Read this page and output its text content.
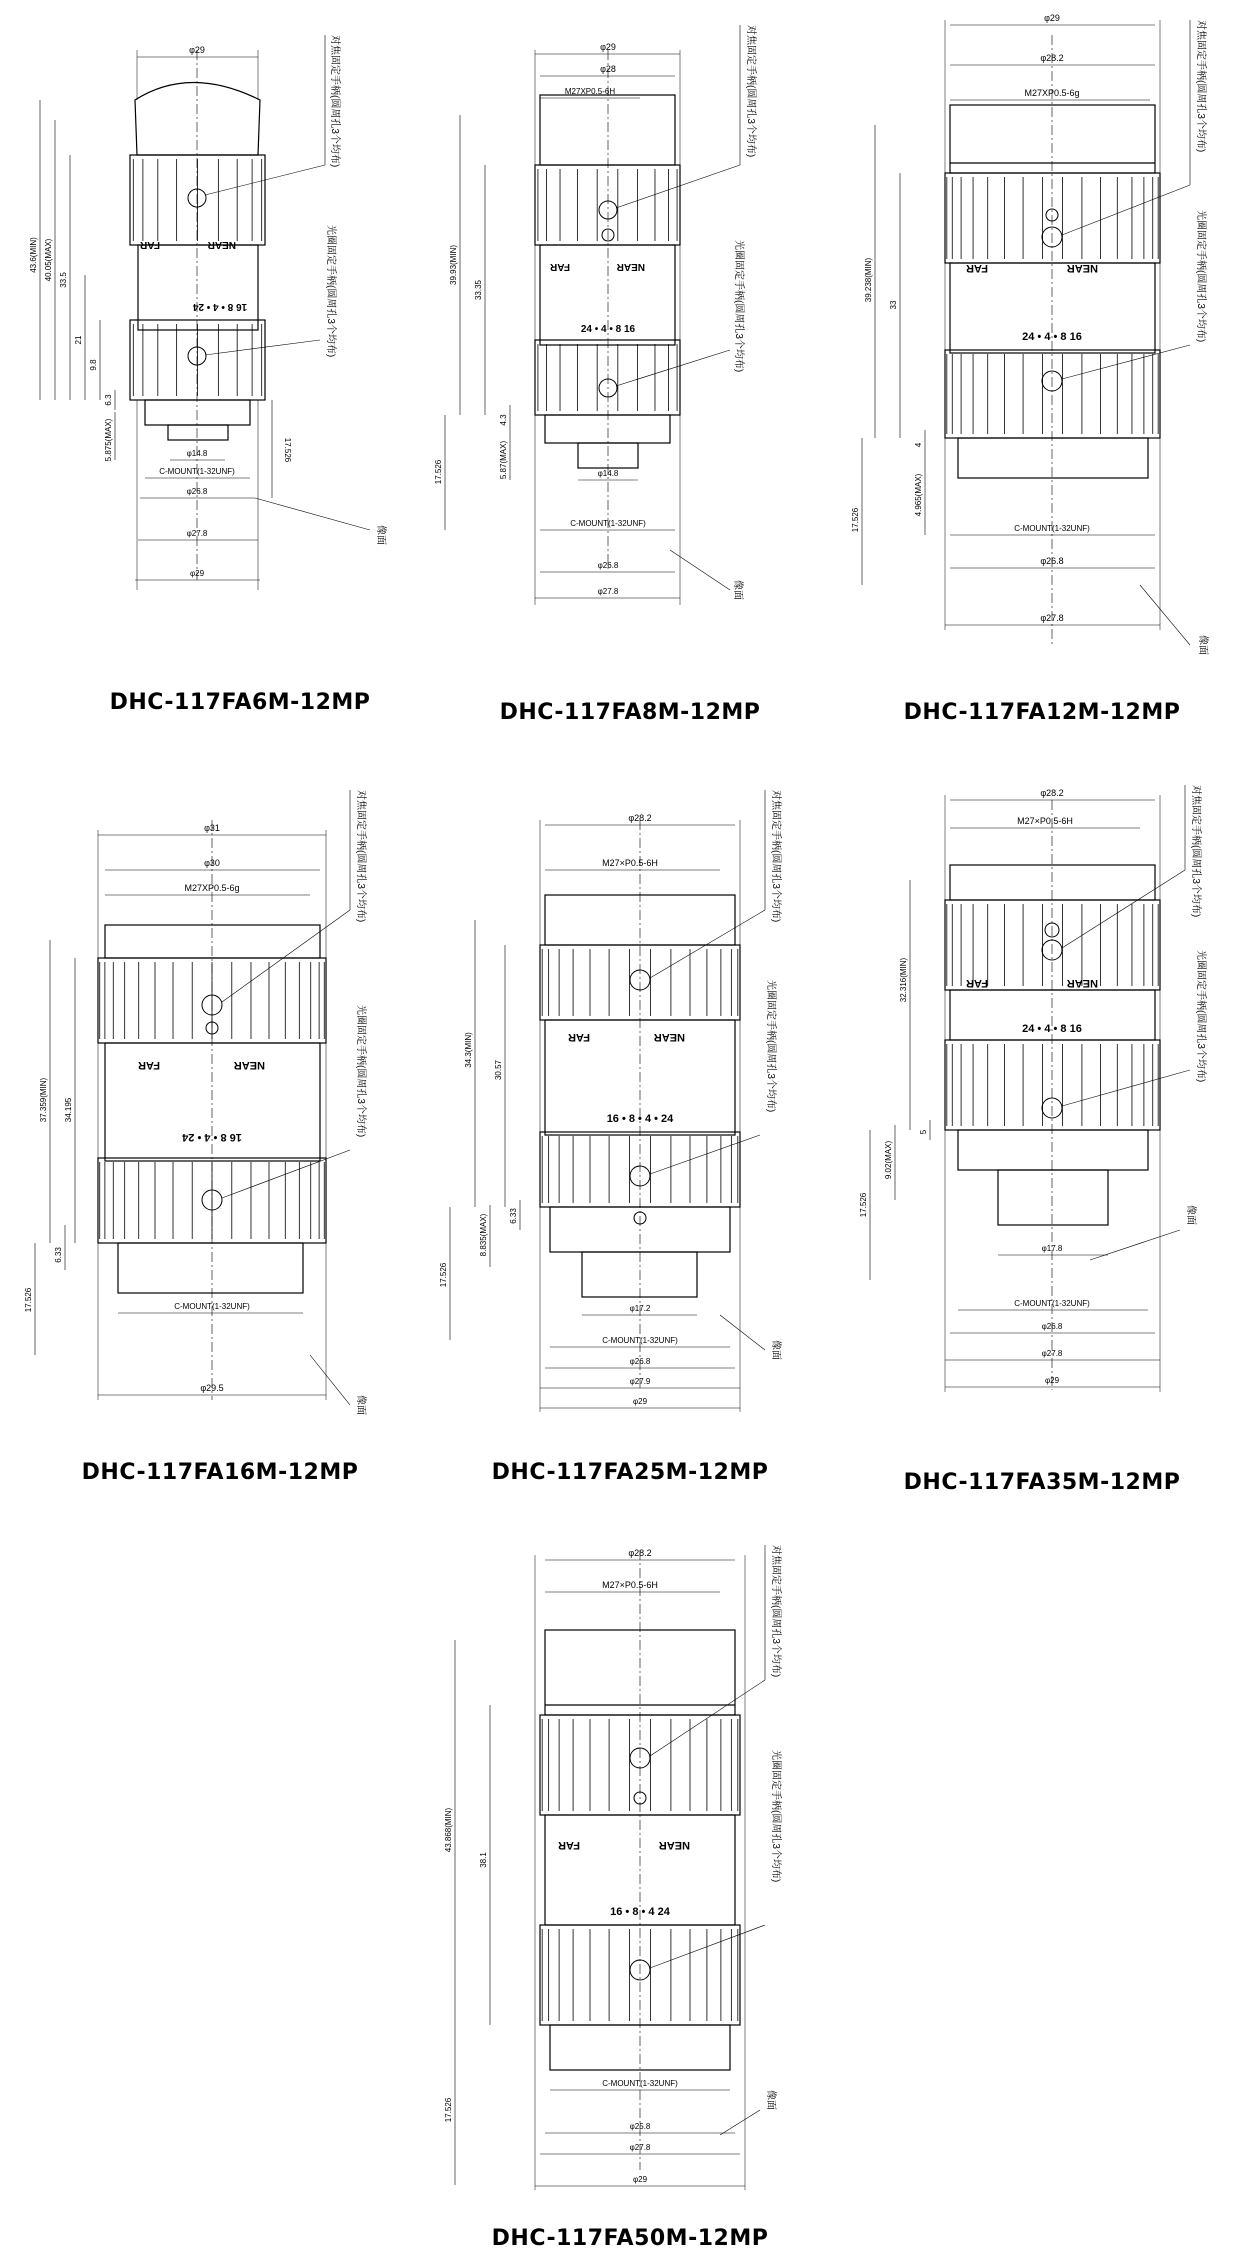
φ29
φ14.8
C-MOUNT(1-32UNF)
φ26.8
φ27.8
φ29
43.6(MIN) 40.05(MAX) 33.5
21
9.8
6.3
5.875(MAX)	17.526
对焦固定手柄(圆周孔3个均布)
光圈固定手柄(圆周孔3个均布)
FAR	NEAR
16 8 • 4 • 24
像面
DHC-117FA6M-12MP
φ29
φ28
M27XP0.5-6H
φ14.8
C-MOUNT(1-32UNF)
φ26.8
φ27.8
39.93(MIN)
33.35
4.3
5.87(MAX)
17.526
对焦固定手柄(圆周孔3个均布)
光圈固定手柄(圆周孔3个均布)
FAR	NEAR
24 • 4 • 8 16
像面
DHC-117FA8M-12MP
φ29
φ28.2
M27XP0.5-6g
C-MOUNT(1-32UNF)
φ26.8
φ27.8
39.238(MIN)
33
4
4.965(MAX)
17.526
对焦固定手柄(圆周孔3个均布)
光圈固定手柄(圆周孔3个均布)
FAR	NEAR
24 • 4 • 8 16
像面
DHC-117FA12M-12MP
φ31
φ30
M27XP0.5-6g
C-MOUNT(1-32UNF)
φ29.5
37.359(MIN) 34.195
6.33
17.526
对焦固定手柄(圆周孔3个均布)
光圈固定手柄(圆周孔3个均布)
FAR	NEAR
16 8 • 4 • 24
像面
DHC-117FA16M-12MP
φ28.2
M27×P0.5-6H
φ17.2
C-MOUNT(1-32UNF)
φ26.8
φ27.9
φ29
34.3(MIN)
30.57
8.835(MAX)	6.33
17.526
对焦固定手柄(圆周孔3个均布)
光圈固定手柄(圆周孔3个均布)
FAR	NEAR
16 • 8 • 4 • 24
像面
DHC-117FA25M-12MP
φ28.2
M27×P0.5-6H
φ17.8
C-MOUNT(1-32UNF)
φ26.8
φ27.8
φ29
32.316(MIN)
9.02(MAX)
5
17.526
对焦固定手柄(圆周孔3个均布)
光圈固定手柄(圆周孔3个均布)
FAR	NEAR
24 • 4 • 8 16
像面
DHC-117FA35M-12MP
φ28.2
M27×P0.5-6H
C-MOUNT(1-32UNF)
φ25.8
φ27.8
φ29
43.868(MIN)
38.1
17.526
对焦固定手柄(圆周孔3个均布)
光圈固定手柄(圆周孔3个均布)
FAR	NEAR
16 • 8 • 4 24
像面
DHC-117FA50M-12MP
